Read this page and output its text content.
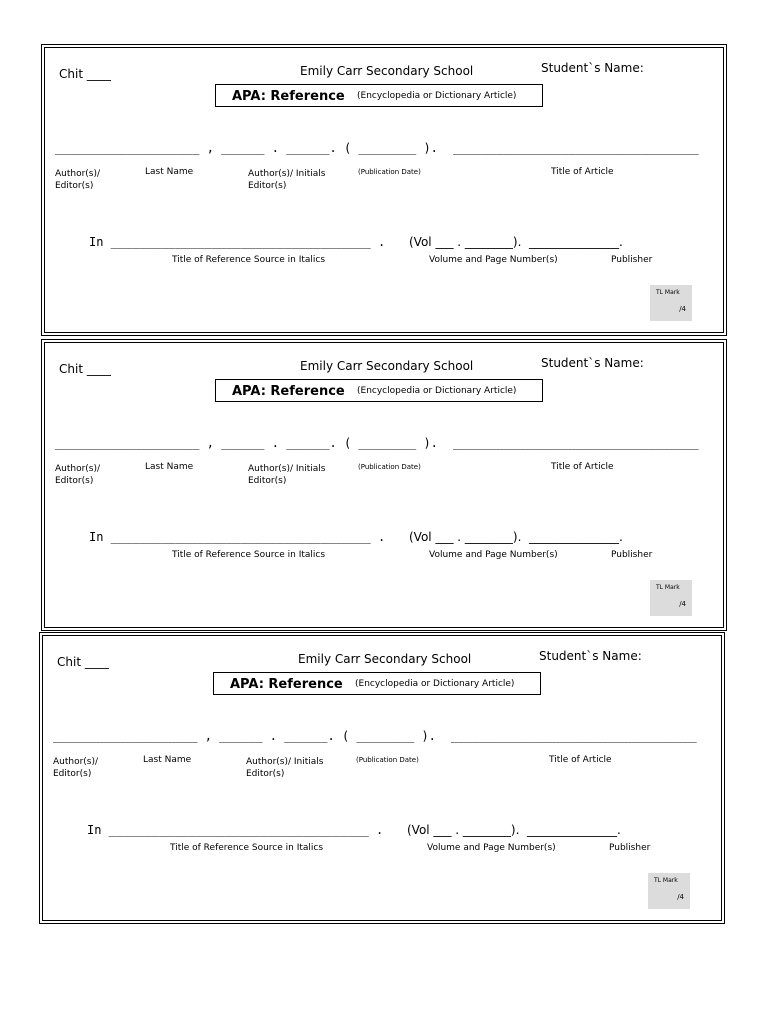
Chit ____	Emily Carr Secondary School	Student`s Name:
APA: Reference (Encyclopedia or Dictionary Article)
____________________ , ______ . ______. ( ________ ). __________________________________
Author(s)/
Editor(s)
Last Name	Author(s)/ Initials
Editor(s)
(Publication Date)	Title of Article
In ____________________________________ . (Vol ___ . ________).  _______________.
Title of Reference Source in Italics	Volume and Page Number(s)	Publisher
TL Mark
/4
Chit ____	Emily Carr Secondary School	Student`s Name:
APA: Reference (Encyclopedia or Dictionary Article)
____________________ , ______ . ______. ( ________ ). __________________________________
Author(s)/
Editor(s)
Last Name	Author(s)/ Initials
Editor(s)
(Publication Date)	Title of Article
In ____________________________________ . (Vol ___ . ________).  _______________.
Title of Reference Source in Italics	Volume and Page Number(s)	Publisher
TL Mark
/4
Chit ____	Emily Carr Secondary School	Student`s Name:
APA: Reference (Encyclopedia or Dictionary Article)
____________________ , ______ . ______. ( ________ ). __________________________________
Author(s)/
Editor(s)
Last Name	Author(s)/ Initials
Editor(s)
(Publication Date)	Title of Article
In ____________________________________ . (Vol ___ . ________).  _______________.
Title of Reference Source in Italics	Volume and Page Number(s)	Publisher
TL Mark
/4
